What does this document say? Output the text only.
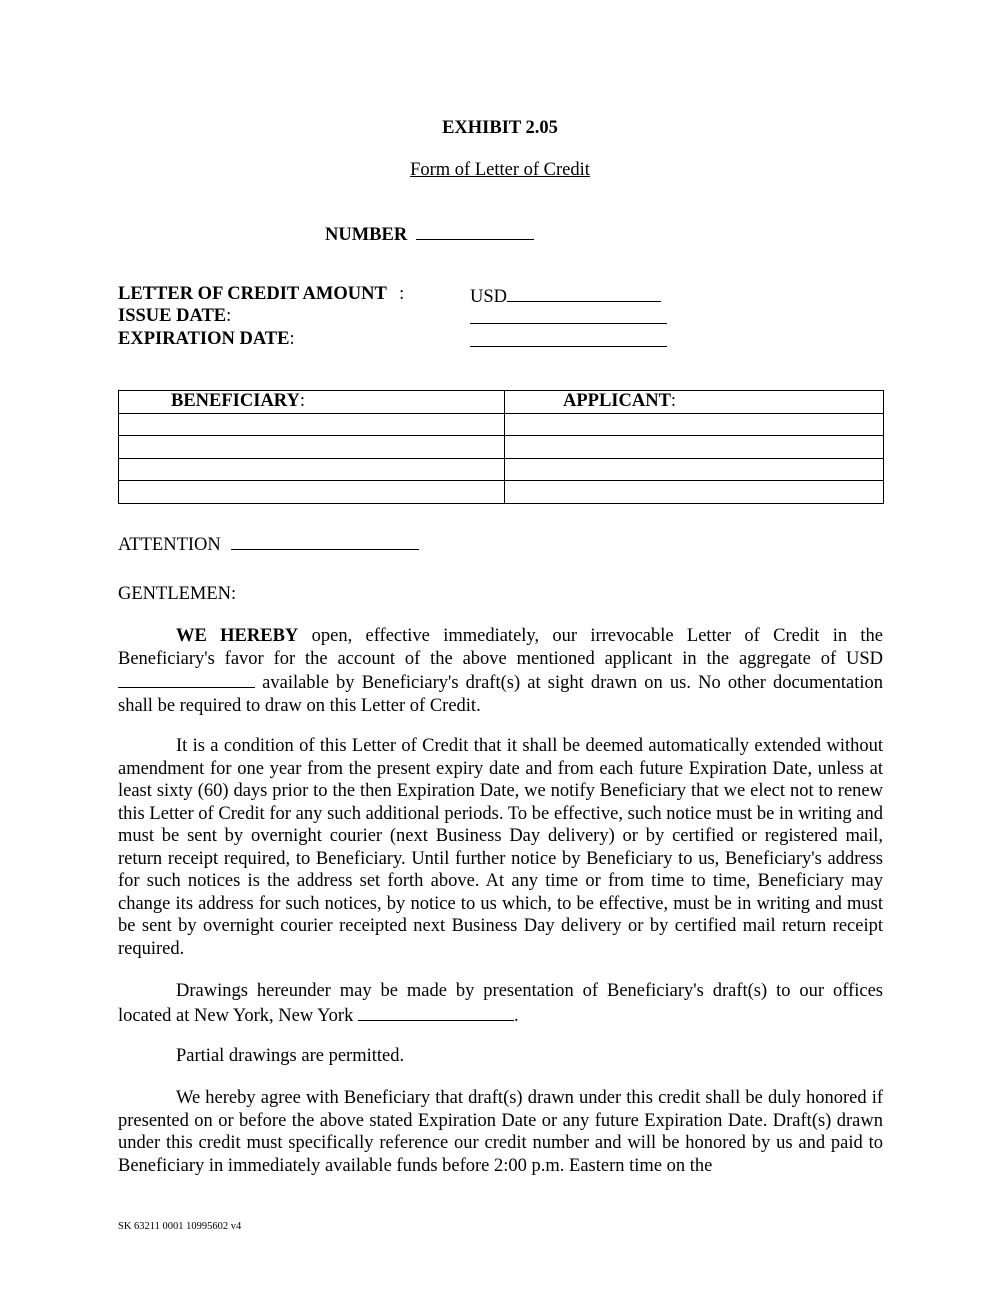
EXHIBIT 2.05
Form of Letter of Credit
NUMBER
LETTER OF CREDIT AMOUNT :	USD
ISSUE DATE:
EXPIRATION DATE:
BENEFICIARY:	APPLICANT:

ATTENTION
GENTLEMEN:
WE HEREBY open, effective immediately, our irrevocable Letter of Credit in the Beneficiary's favor for the account of the above mentioned applicant in the aggregate of USD  available by Beneficiary's draft(s) at sight drawn on us. No other documentation shall be required to draw on this Letter of Credit.
It is a condition of this Letter of Credit that it shall be deemed automatically extended without amendment for one year from the present expiry date and from each future Expiration Date, unless at least sixty (60) days prior to the then Expiration Date, we notify Beneficiary that we elect not to renew this Letter of Credit for any such additional periods. To be effective, such notice must be in writing and must be sent by overnight courier (next Business Day delivery) or by certified or registered mail, return receipt required, to Beneficiary. Until further notice by Beneficiary to us, Beneficiary's address for such notices is the address set forth above. At any time or from time to time, Beneficiary may change its address for such notices, by notice to us which, to be effective, must be in writing and must be sent by overnight courier receipted next Business Day delivery or by certified mail return receipt required.
Drawings hereunder may be made by presentation of Beneficiary's draft(s) to our offices located at New York, New York	.
Partial drawings are permitted.
We hereby agree with Beneficiary that draft(s) drawn under this credit shall be duly honored if presented on or before the above stated Expiration Date or any future Expiration Date. Draft(s) drawn under this credit must specifically reference our credit number and will be honored by us and paid to Beneficiary in immediately available funds before 2:00 p.m. Eastern time on the
SK 63211 0001 10995602 v4
